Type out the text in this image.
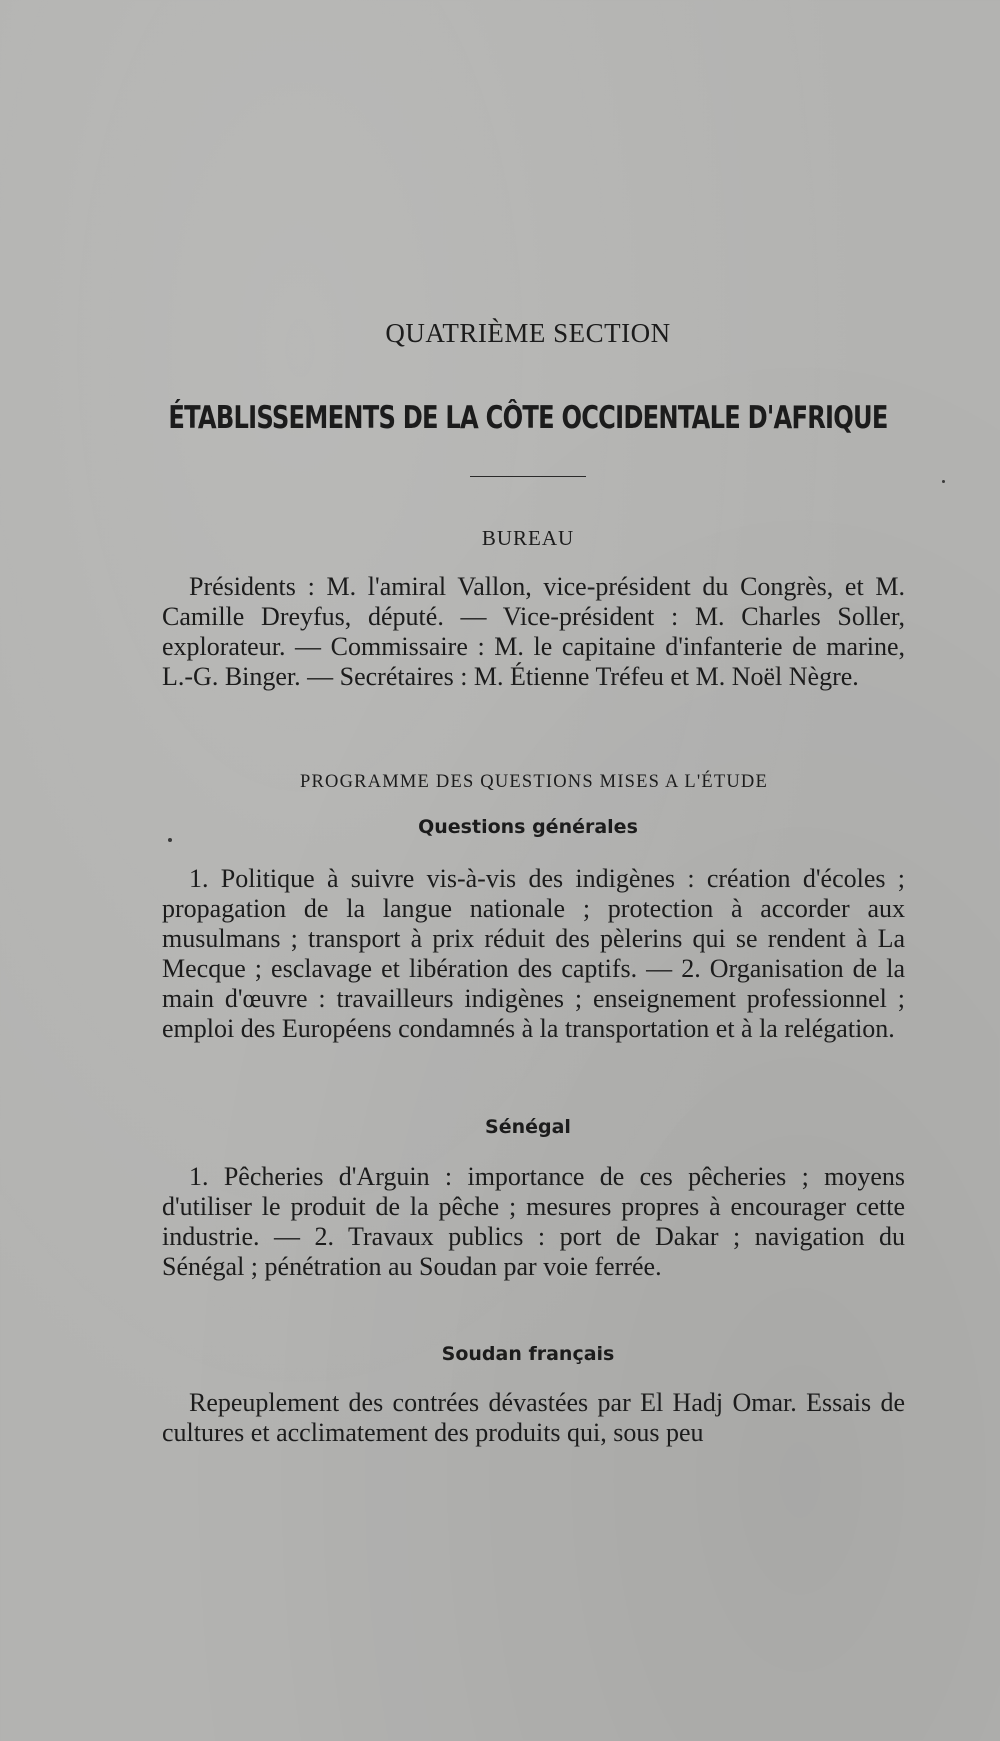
QUATRIÈME SECTION
ÉTABLISSEMENTS DE LA CÔTE OCCIDENTALE D'AFRIQUE
BUREAU
Présidents : M. l'amiral Vallon, vice-président du Congrès, et M. Camille Dreyfus, député. — Vice-président : M. Charles Soller, explorateur. — Commissaire : M. le capitaine d'infanterie de marine, L.-G. Binger. — Secrétaires : M. Étienne Tréfeu et M. Noël Nègre.
PROGRAMME DES QUESTIONS MISES A L'ÉTUDE
Questions générales
1. Politique à suivre vis-à-vis des indigènes : création d'écoles ; propagation de la langue nationale ; protection à accorder aux musulmans ; transport à prix réduit des pèlerins qui se rendent à La Mecque ; esclavage et libération des captifs. — 2. Organisation de la main d'œuvre : travailleurs indigènes ; enseignement professionnel ; emploi des Européens condamnés à la transportation et à la relégation.
Sénégal
1. Pêcheries d'Arguin : importance de ces pêcheries ; moyens d'utiliser le produit de la pêche ; mesures propres à encourager cette industrie. — 2. Travaux publics : port de Dakar ; navigation du Sénégal ; pénétration au Soudan par voie ferrée.
Soudan français
Repeuplement des contrées dévastées par El Hadj Omar. Essais de cultures et acclimatement des produits qui, sous peu
